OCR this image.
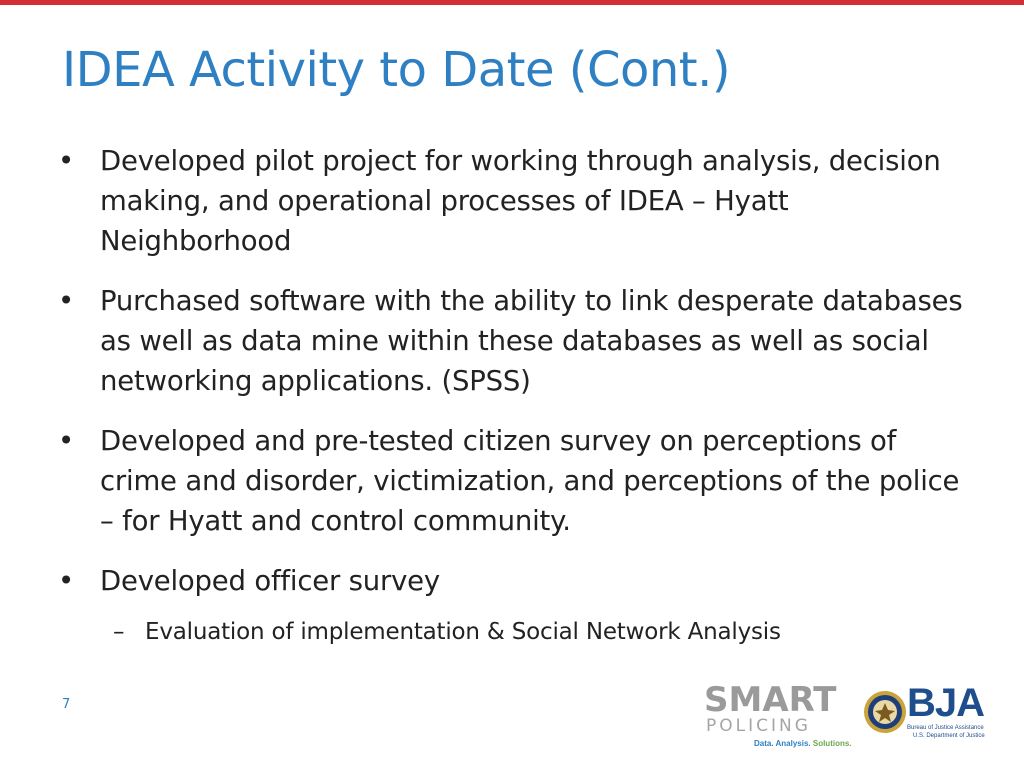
IDEA Activity to Date (Cont.)
• Developed pilot project for working through analysis, decision making, and operational processes of IDEA – Hyatt Neighborhood
• Purchased software with the ability to link desperate databases as well as data mine within these databases as well as social networking applications. (SPSS)
• Developed and pre-tested citizen survey on perceptions of crime and disorder, victimization, and perceptions of the police – for Hyatt and control community.
• Developed officer survey
– Evaluation of implementation & Social Network Analysis
7	SMART
POLICING
Data. Analysis. Solutions.
BJA
Bureau of Justice Assistance
U.S. Department of Justice
